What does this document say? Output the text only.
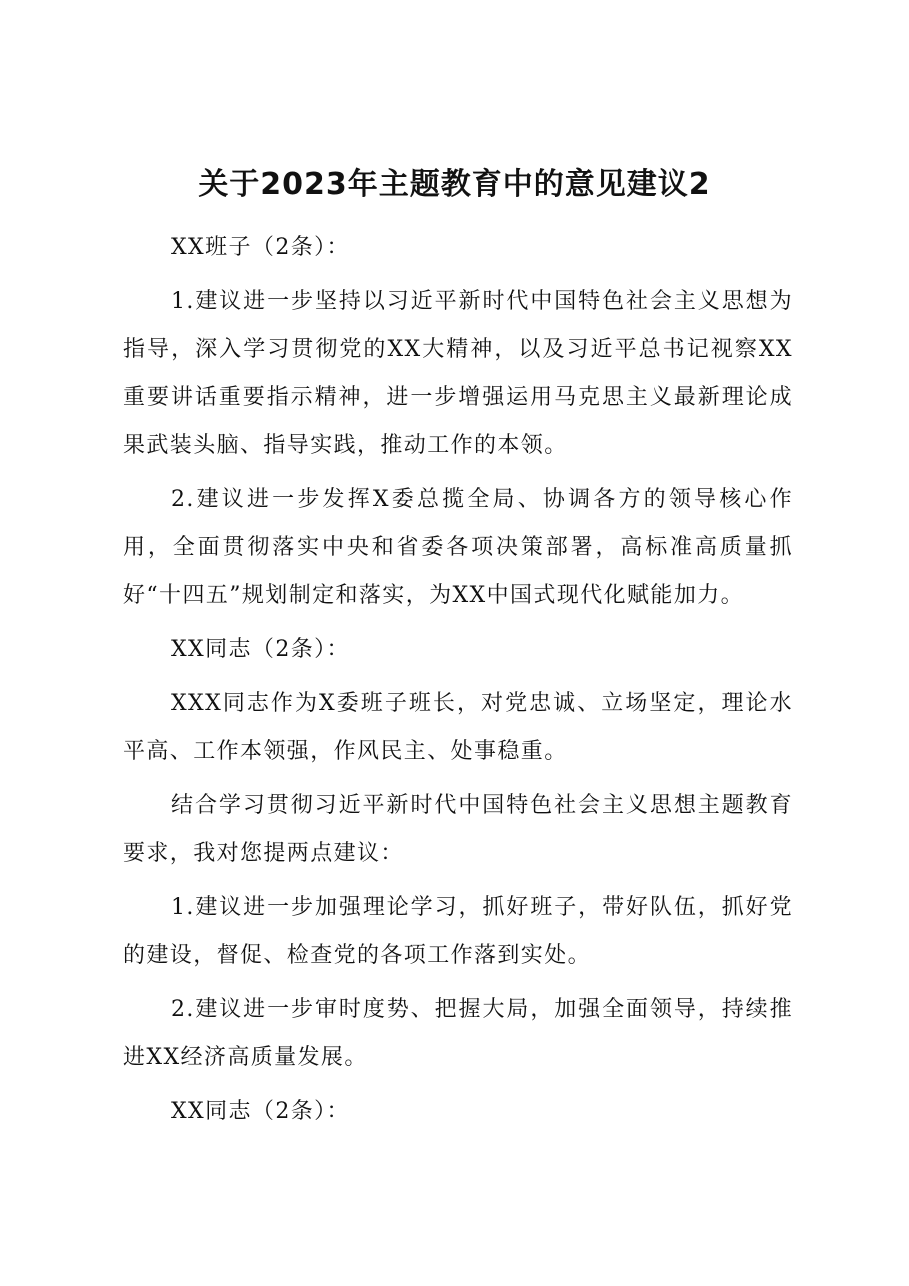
关于2023年主题教育中的意见建议2

XX班子（2条）：

1.建议进一步坚持以习近平新时代中国特色社会主义思想为指导，深入学习贯彻党的XX大精神，以及习近平总书记视察XX重要讲话重要指示精神，进一步增强运用马克思主义最新理论成果武装头脑、指导实践，推动工作的本领。

2.建议进一步发挥X委总揽全局、协调各方的领导核心作用，全面贯彻落实中央和省委各项决策部署，高标准高质量抓好“十四五”规划制定和落实，为XX中国式现代化赋能加力。

XX同志（2条）：

XXX同志作为X委班子班长，对党忠诚、立场坚定，理论水平高、工作本领强，作风民主、处事稳重。

结合学习贯彻习近平新时代中国特色社会主义思想主题教育要求，我对您提两点建议：

1.建议进一步加强理论学习，抓好班子，带好队伍，抓好党的建设，督促、检查党的各项工作落到实处。

2.建议进一步审时度势、把握大局，加强全面领导，持续推进XX经济高质量发展。

XX同志（2条）：
